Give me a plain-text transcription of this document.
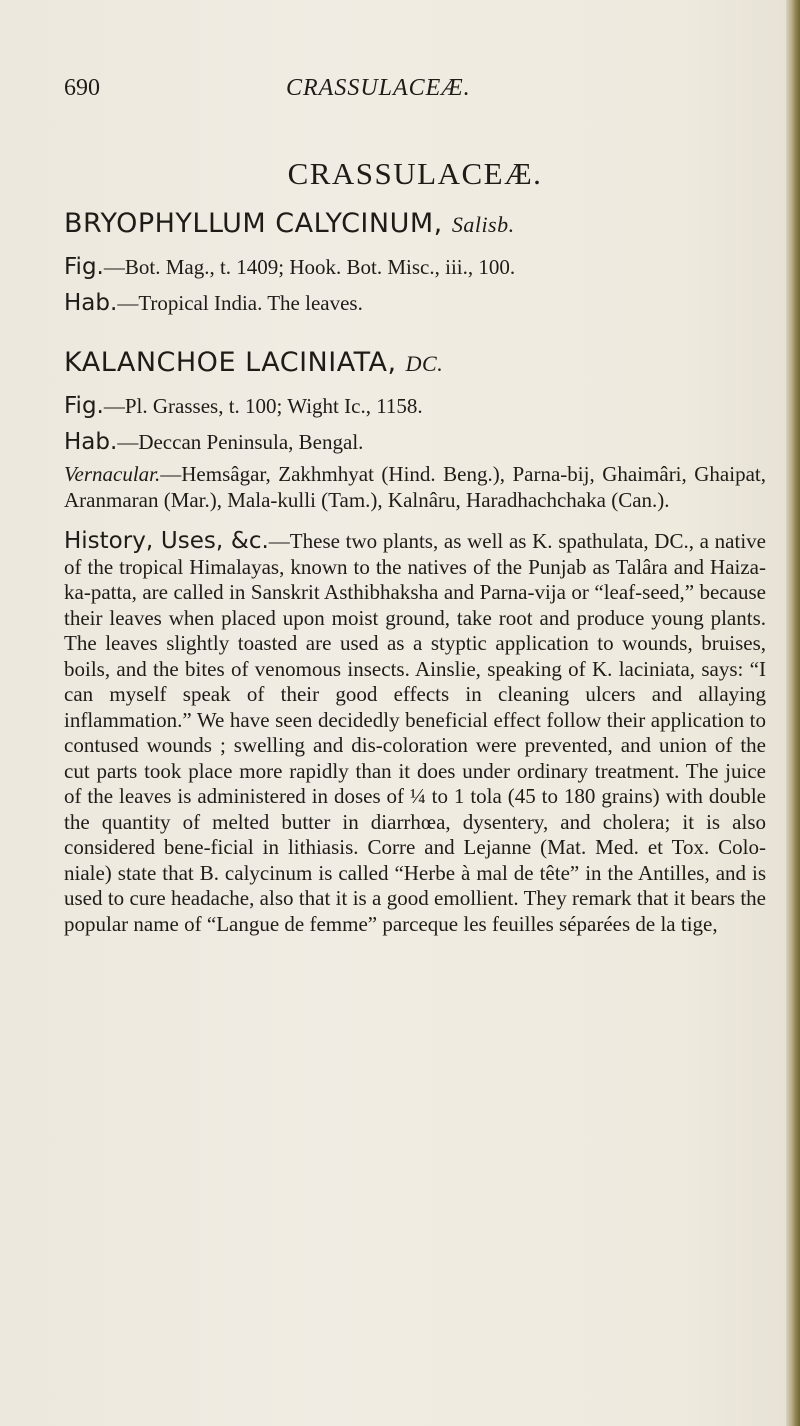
690	CRASSULACEÆ.
CRASSULACEÆ.
BRYOPHYLLUM CALYCINUM, Salisb.
Fig.—Bot. Mag., t. 1409; Hook. Bot. Misc., iii., 100.
Hab.—Tropical India. The leaves.
KALANCHOE LACINIATA, DC.
Fig.—Pl. Grasses, t. 100; Wight Ic., 1158.
Hab.—Deccan Peninsula, Bengal.
Vernacular.—Hemsâgar, Zakhmhyat (Hind. Beng.), Parna-bij, Ghaimâri, Ghaipat, Aranmaran (Mar.), Mala-kulli (Tam.), Kalnâru, Haradhachchaka (Can.).
History, Uses, &c.—These two plants, as well as K. spathulata, DC., a native of the tropical Himalayas, known to the natives of the Punjab as Talâra and Haiza-ka-patta, are called in Sanskrit Asthibhaksha and Parna-vija or “leaf-seed,” because their leaves when placed upon moist ground, take root and produce young plants. The leaves slightly toasted are used as a styptic application to wounds, bruises, boils, and the bites of venomous insects. Ainslie, speaking of K. laciniata, says: “I can myself speak of their good effects in cleaning ulcers and allaying inflammation.” We have seen decidedly beneficial effect follow their application to contused wounds ; swelling and dis-coloration were prevented, and union of the cut parts took place more rapidly than it does under ordinary treatment. The juice of the leaves is administered in doses of ¼ to 1 tola (45 to 180 grains) with double the quantity of melted butter in diarrhœa, dysentery, and cholera; it is also considered bene-ficial in lithiasis. Corre and Lejanne (Mat. Med. et Tox. Colo-niale) state that B. calycinum is called “Herbe à mal de tête” in the Antilles, and is used to cure headache, also that it is a good emollient. They remark that it bears the popular name of “Langue de femme” parceque les feuilles séparées de la tige,
